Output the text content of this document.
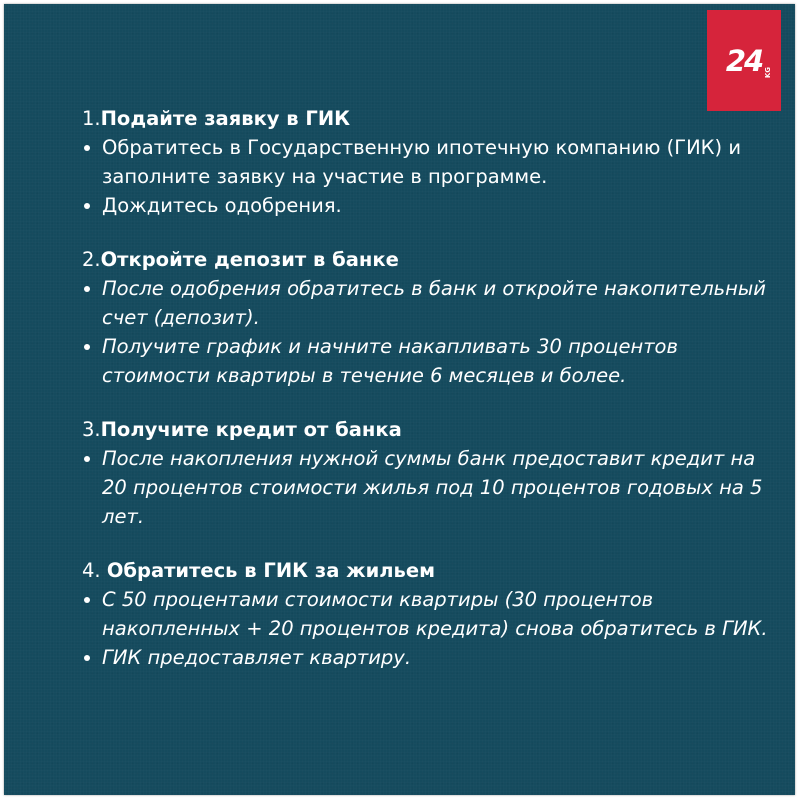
24 KG
1.Подайте заявку в ГИК
Обратитесь в Государственную ипотечную компанию (ГИК) и заполните заявку на участие в программе.
Дождитесь одобрения.
2.Откройте депозит в банке
После одобрения обратитесь в банк и откройте накопительный счет (депозит).
Получите график и начните накапливать 30 процентов стоимости квартиры в течение 6 месяцев и более.
3.Получите кредит от банка
После накопления нужной суммы банк предоставит кредит на 20 процентов стоимости жилья под 10 процентов годовых на 5 лет.
4. Обратитесь в ГИК за жильем
С 50 процентами стоимости квартиры (30 процентов накопленных + 20 процентов кредита) снова обратитесь в ГИК.
ГИК предоставляет квартиру.
